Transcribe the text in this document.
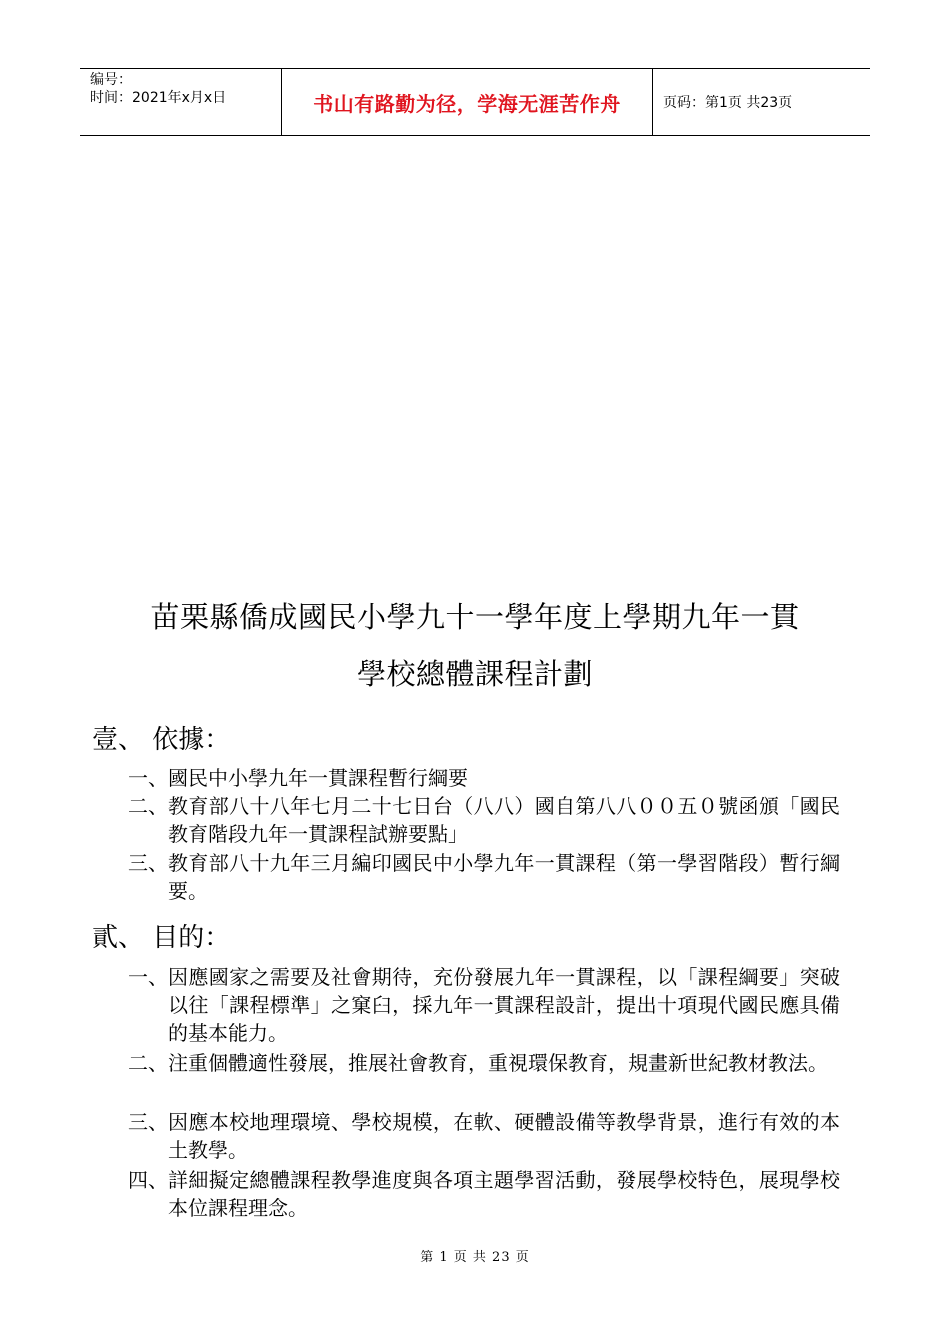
编号：
时间：2021年x月x日	书山有路勤为径，学海无涯苦作舟	页码：第1页 共23页
苗栗縣僑成國民小學九十一學年度上學期九年一貫
學校總體課程計劃
壹、 依據：
一、 國民中小學九年一貫課程暫行綱要
二、 教育部八十八年七月二十七日台（八八）國自第八八００五０號函頒「國民教育階段九年一貫課程試辦要點」
三、 教育部八十九年三月編印國民中小學九年一貫課程（第一學習階段）暫行綱要。
貳、 目的：
一、 因應國家之需要及社會期待，充份發展九年一貫課程，以「課程綱要」突破以往「課程標準」之窠臼，採九年一貫課程設計，提出十項現代國民應具備的基本能力。
二、 注重個體適性發展，推展社會教育，重視環保教育，規畫新世紀教材教法。
三、 因應本校地理環境、學校規模，在軟、硬體設備等教學背景，進行有效的本土教學。
四、 詳細擬定總體課程教學進度與各項主題學習活動，發展學校特色，展現學校本位課程理念。
第 1 页 共 23 页
